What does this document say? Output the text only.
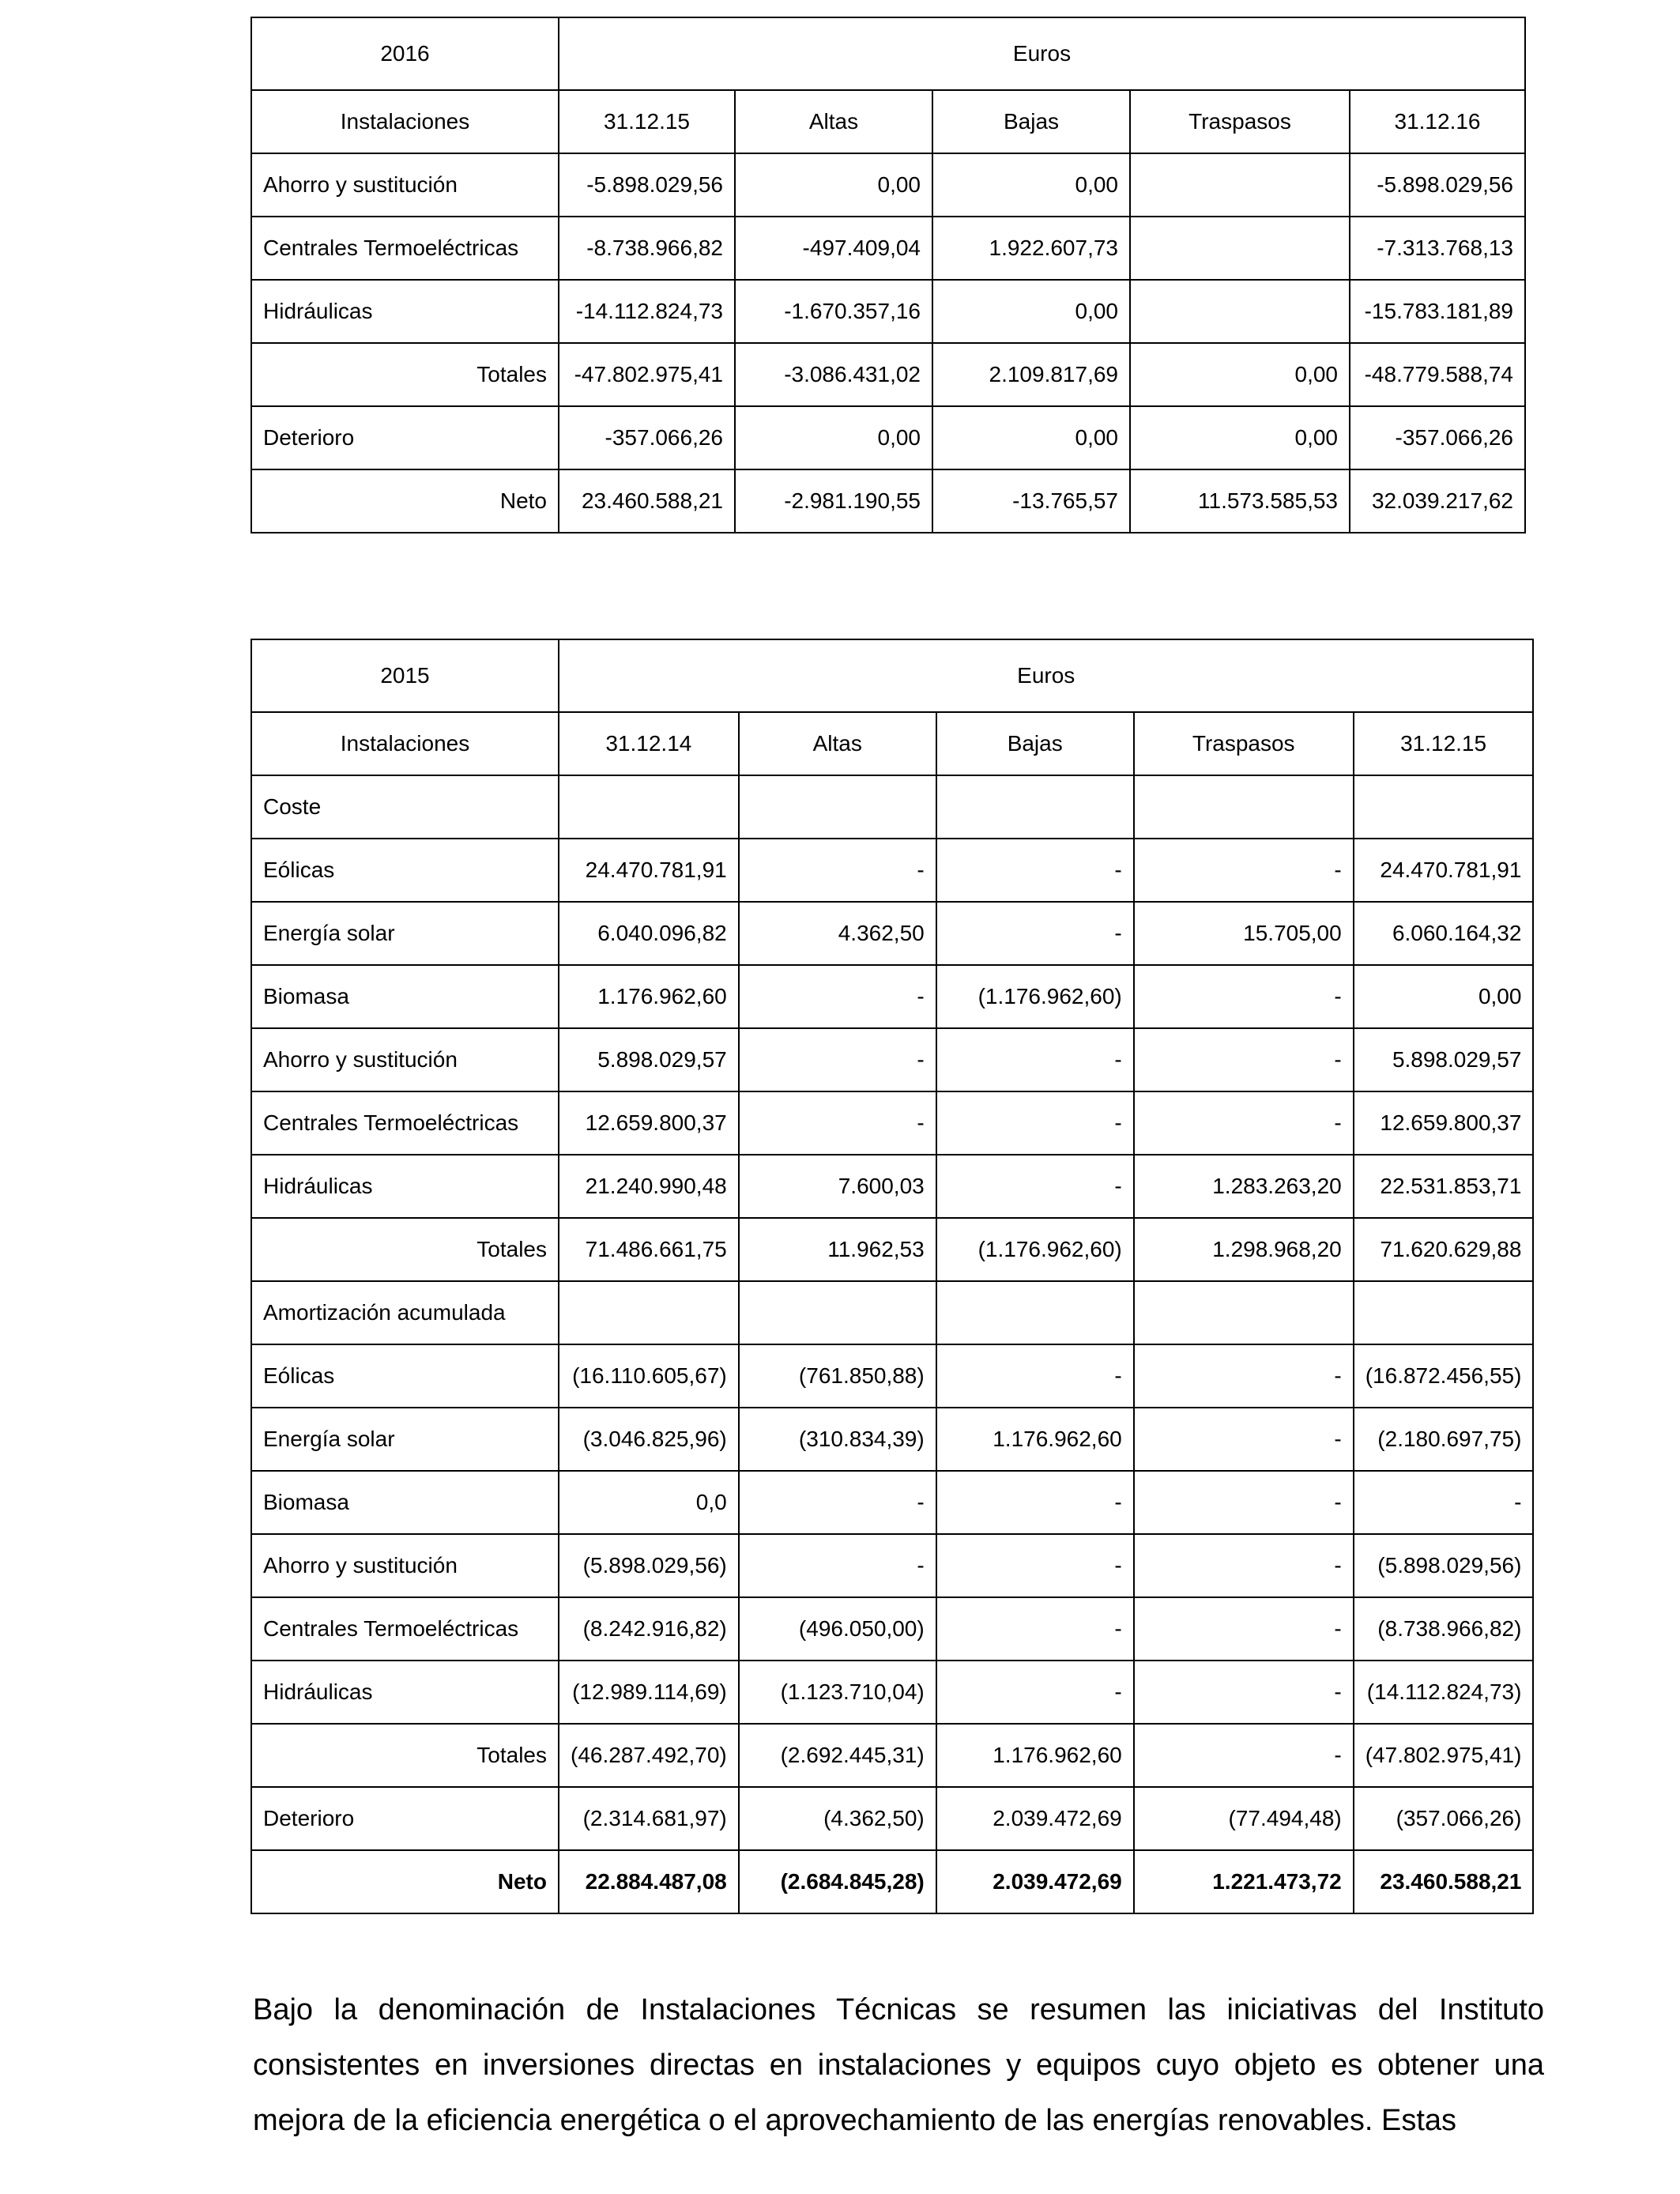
2016	Euros				
Instalaciones	31.12.15	Altas	Bajas	Traspasos	31.12.16
Ahorro y sustitución	-5.898.029,56	0,00	0,00		-5.898.029,56
Centrales Termoeléctricas	-8.738.966,82	-497.409,04	1.922.607,73		-7.313.768,13
Hidráulicas	-14.112.824,73	-1.670.357,16	0,00		-15.783.181,89
Totales	-47.802.975,41	-3.086.431,02	2.109.817,69	0,00	-48.779.588,74
Deterioro	-357.066,26	0,00	0,00	0,00	-357.066,26
Neto	23.460.588,21	-2.981.190,55	-13.765,57	11.573.585,53	32.039.217,62
2015	Euros				
Instalaciones	31.12.14	Altas	Bajas	Traspasos	31.12.15
Coste					
Eólicas	24.470.781,91	-	-	-	24.470.781,91
Energía solar	6.040.096,82	4.362,50	-	15.705,00	6.060.164,32
Biomasa	1.176.962,60	-	(1.176.962,60)	-	0,00
Ahorro y sustitución	5.898.029,57	-	-	-	5.898.029,57
Centrales Termoeléctricas	12.659.800,37	-	-	-	12.659.800,37
Hidráulicas	21.240.990,48	7.600,03	-	1.283.263,20	22.531.853,71
Totales	71.486.661,75	11.962,53	(1.176.962,60)	1.298.968,20	71.620.629,88
Amortización acumulada					
Eólicas	(16.110.605,67)	(761.850,88)	-	-	(16.872.456,55)
Energía solar	(3.046.825,96)	(310.834,39)	1.176.962,60	-	(2.180.697,75)
Biomasa	0,0	-	-	-	-
Ahorro y sustitución	(5.898.029,56)	-	-	-	(5.898.029,56)
Centrales Termoeléctricas	(8.242.916,82)	(496.050,00)	-	-	(8.738.966,82)
Hidráulicas	(12.989.114,69)	(1.123.710,04)	-	-	(14.112.824,73)
Totales	(46.287.492,70)	(2.692.445,31)	1.176.962,60	-	(47.802.975,41)
Deterioro	(2.314.681,97)	(4.362,50)	2.039.472,69	(77.494,48)	(357.066,26)
Neto	22.884.487,08	(2.684.845,28)	2.039.472,69	1.221.473,72	23.460.588,21

Bajo la denominación de Instalaciones Técnicas se resumen las iniciativas del Instituto consistentes en inversiones directas en instalaciones y equipos cuyo objeto es obtener una mejora de la eficiencia energética o el aprovechamiento de las energías renovables. Estas
